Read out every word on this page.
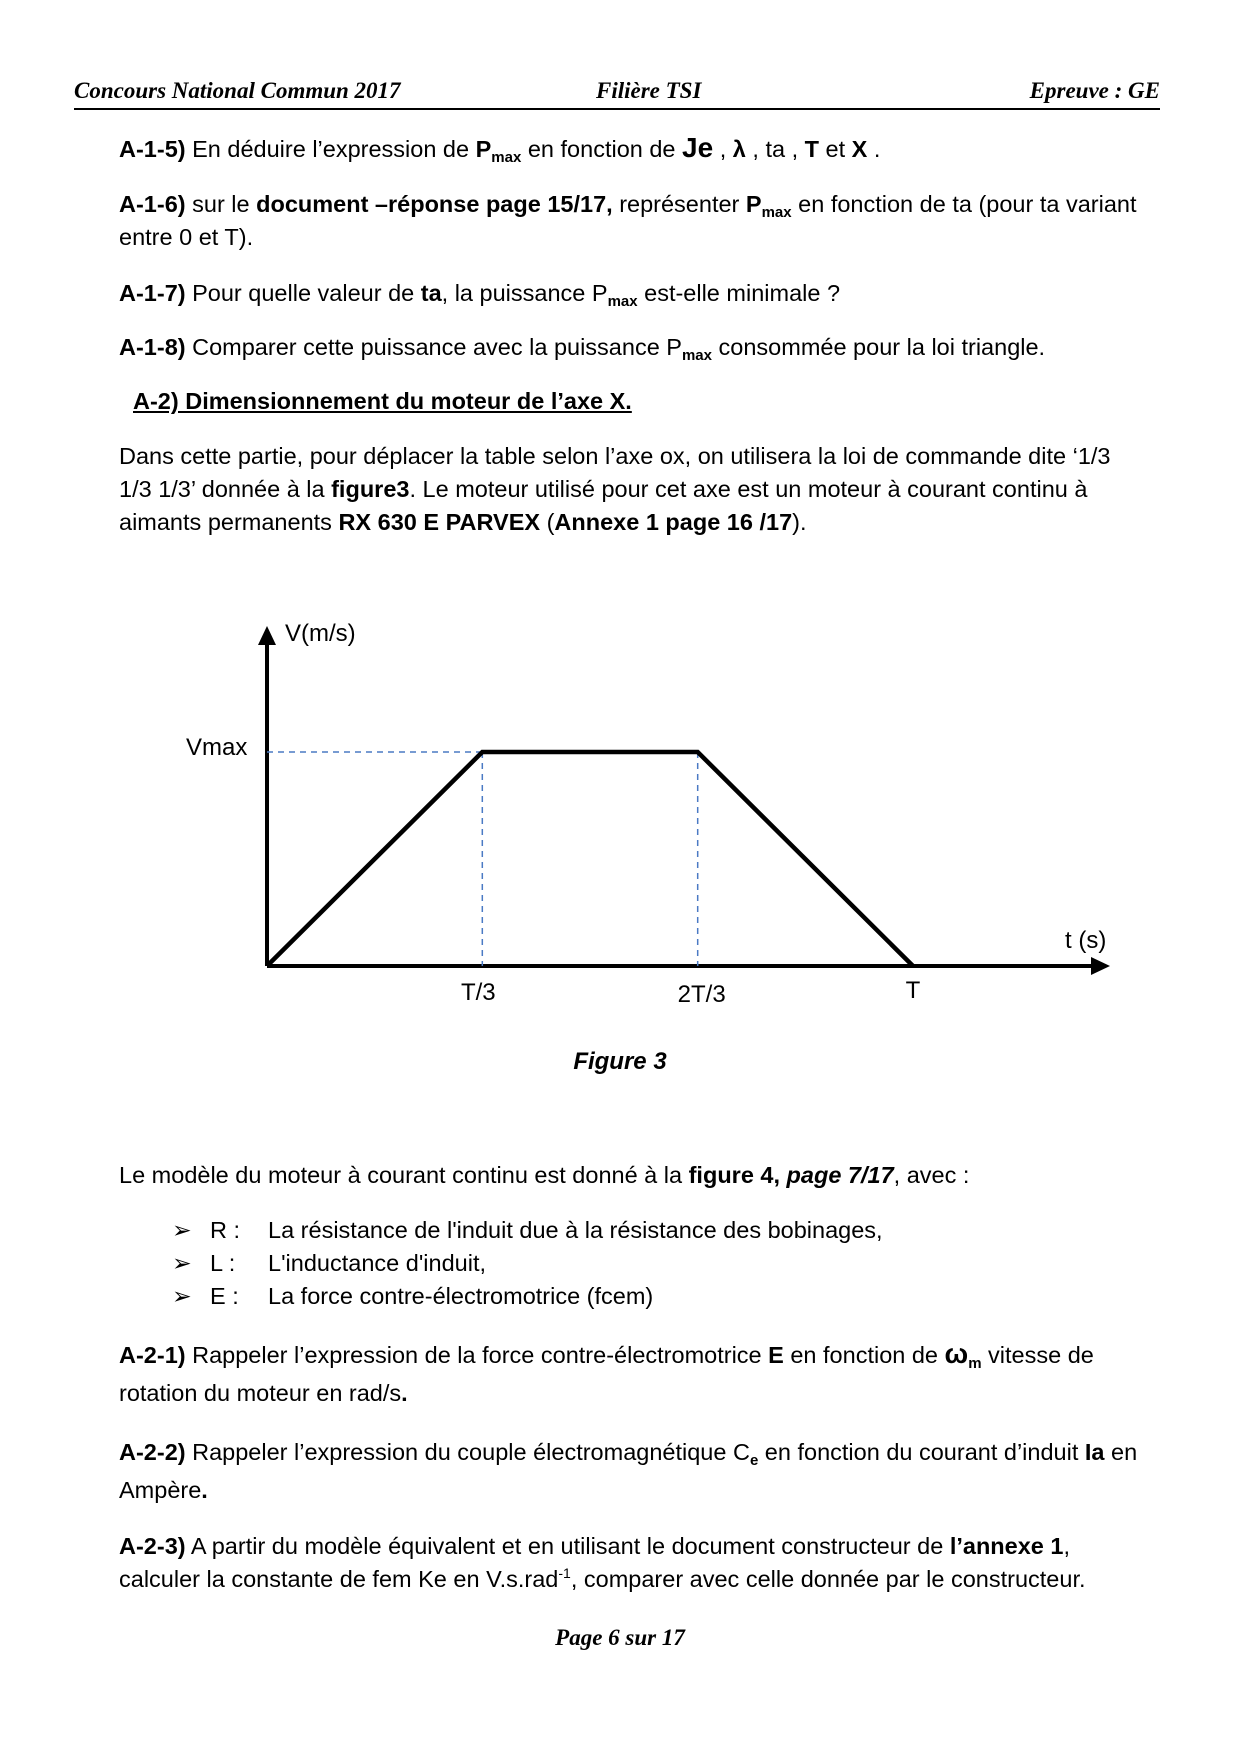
Concours National Commun 2017	Filière TSI	Epreuve : GE
A-1-5) En déduire l’expression de $P_{max}$ en fonction de Je , λ , ta , T et X .
A-1-6) sur le document –réponse page 15/17, représenter $P_{max}$ en fonction de ta (pour ta variant entre 0 et T).
A-1-7) Pour quelle valeur de ta, la puissance $P_{max}$ est-elle minimale ?
A-1-8) Comparer cette puissance avec la puissance $P_{max}$ consommée pour la loi triangle.
A-2) Dimensionnement du moteur de l’axe X.
Dans cette partie, pour déplacer la table selon l’axe ox, on utilisera la loi de commande dite ‘1/3 1/3 1/3’ donnée à la figure3. Le moteur utilisé pour cet axe est un moteur à courant continu à aimants permanents RX 630 E PARVEX (Annexe 1 page 16 /17).
V(m/s)
t (s)
Vmax
T/3	2T/3	T
Figure 3
Le modèle du moteur à courant continu est donné à la figure 4, page 7/17, avec :
➢ R :	La résistance de l'induit due à la résistance des bobinages,
➢ L :	L'inductance d'induit,
➢ E :	La force contre-électromotrice (fcem)
A-2-1) Rappeler l’expression de la force contre-électromotrice E en fonction de $\omega_m$ vitesse de rotation du moteur en rad/s.
A-2-2) Rappeler l’expression du couple électromagnétique $C_e$ en fonction du courant d’induit Ia en Ampère.
A-2-3) A partir du modèle équivalent et en utilisant le document constructeur de l’annexe 1, calculer la constante de fem Ke en V.s.rad$^{-1}$, comparer avec celle donnée par le constructeur.
Page 6 sur 17
